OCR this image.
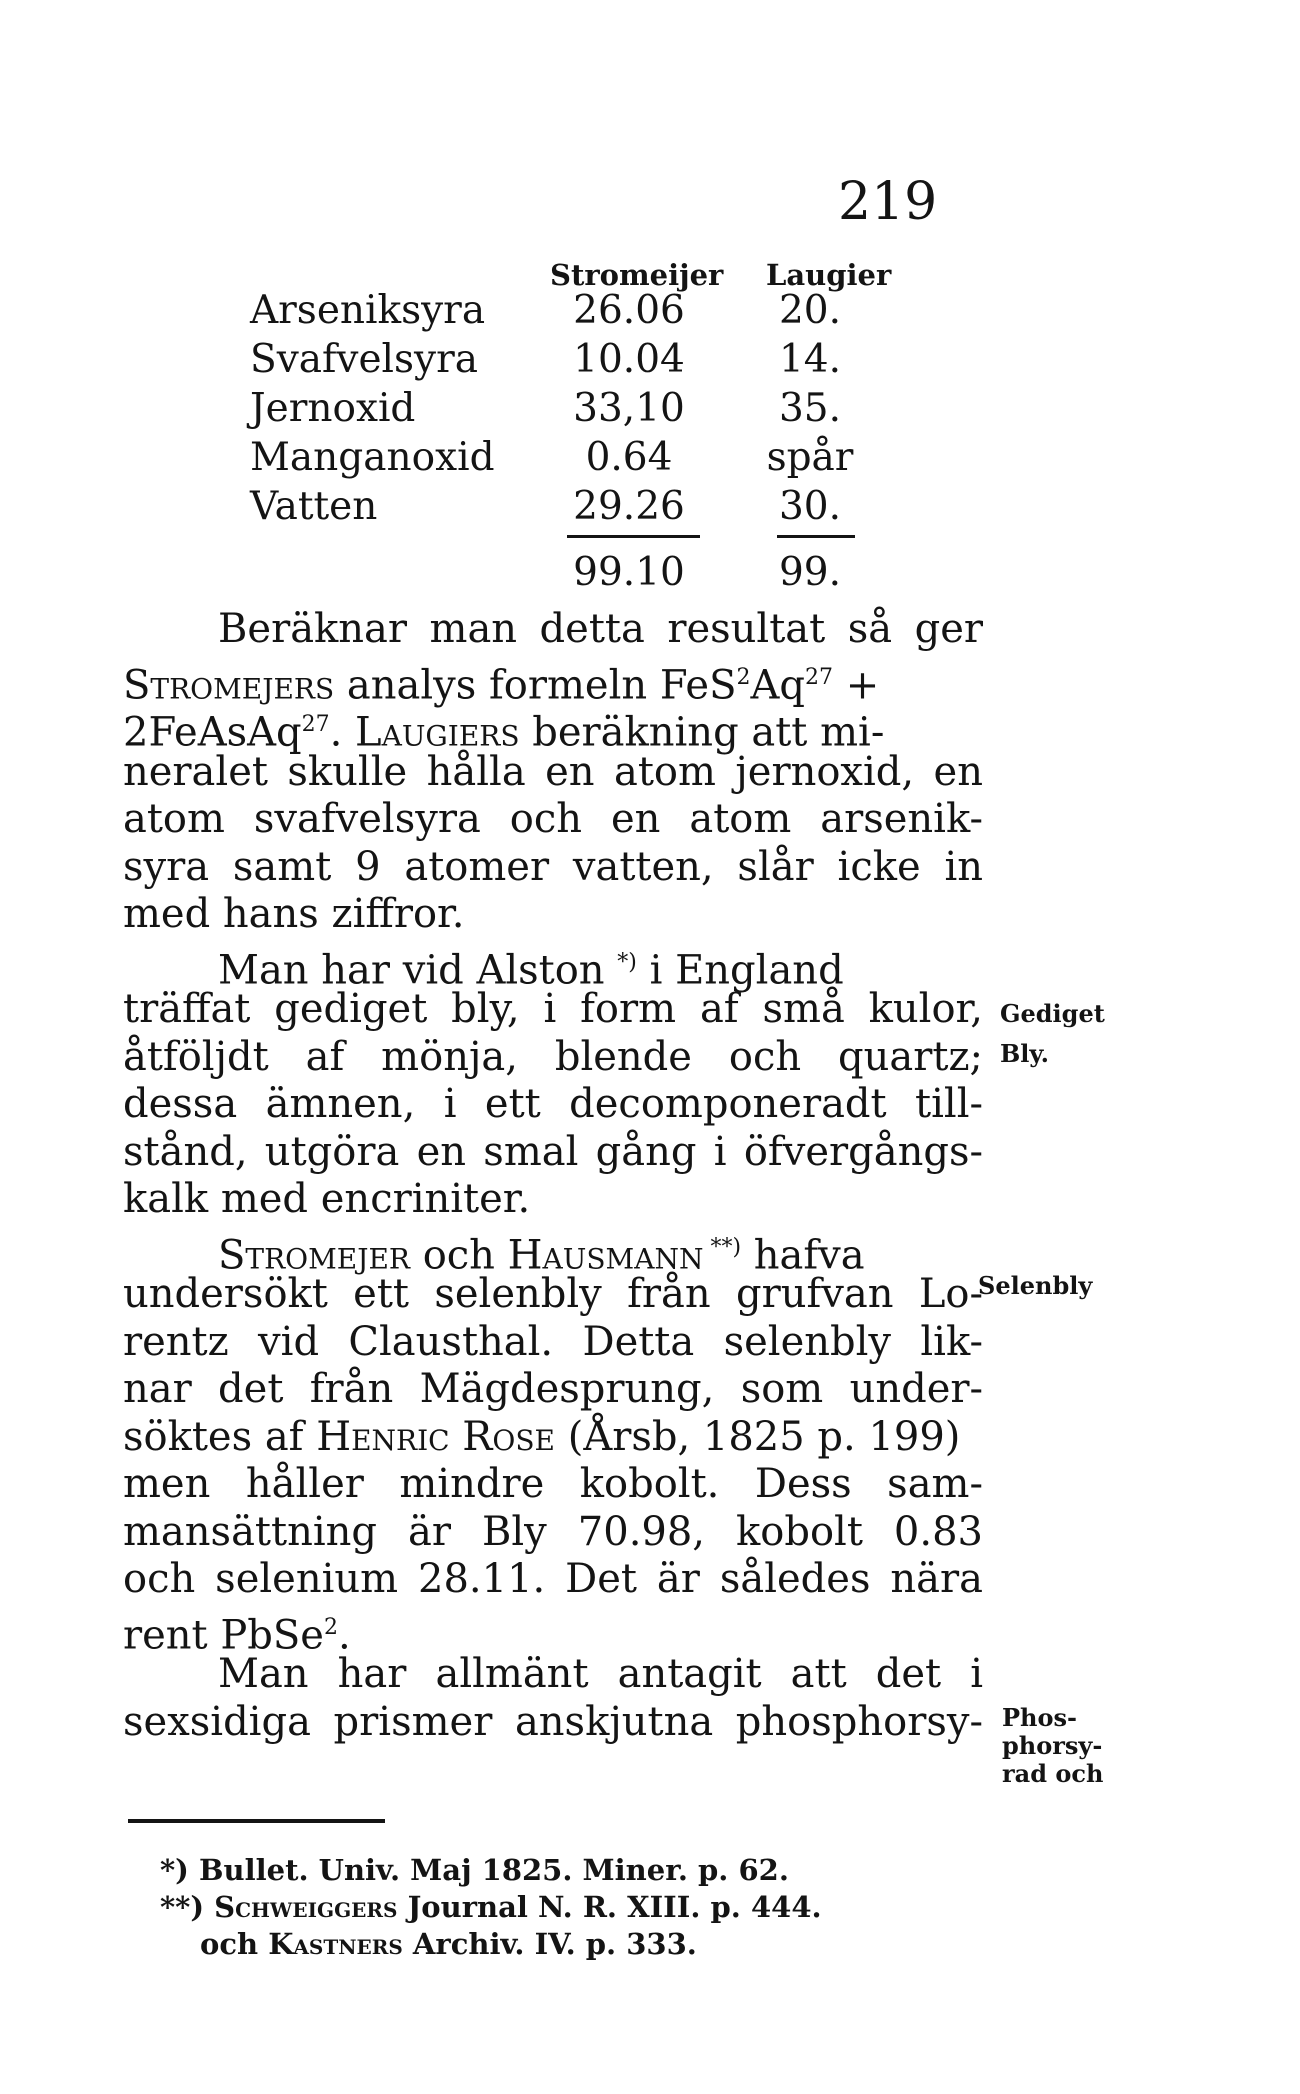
219
Stromeijer Laugier
Arseniksyra	26.06	20.
Svafvelsyra	10.04	14.
Jernoxid	33,10	35.
Manganoxid	0.64	spår
Vatten	29.26	30.
99.10	99.
Beräknar man detta resultat så ger
Stromejers analys formeln $FeS^2Aq^{27}$ +
2FeAsAq$^{27}$. Laugiers beräkning att mi-
neralet skulle hålla en atom jernoxid, en
atom svafvelsyra och en atom arsenik-
syra samt 9 atomer vatten, slår icke in
med hans ziffror.
Man har vid Alston *) i England
träffat gediget bly, i form af små kulor,
åtföljdt af mönja, blende och quartz;
dessa ämnen, i ett decomponeradt till-
stånd, utgöra en smal gång i öfvergångs-
kalk med encriniter.
Stromejer och Hausmann **) hafva
undersökt ett selenbly från grufvan Lo-
rentz vid Clausthal. Detta selenbly lik-
nar det från Mägdesprung, som under-
söktes af Henric Rose (Årsb, 1825 p. 199)
men håller mindre kobolt. Dess sam-
mansättning är Bly 70.98, kobolt 0.83
och selenium 28.11. Det är således nära
rent PbSe$^2$.
Man har allmänt antagit att det i
sexsidiga prismer anskjutna phosphorsy-
Gediget
Bly.
Selenbly
Phos-
phorsy-
rad och
*) Bullet. Univ. Maj 1825. Miner. p. 62.
**) Schweiggers Journal N. R. XIII. p. 444.
och Kastners Archiv. IV. p. 333.
